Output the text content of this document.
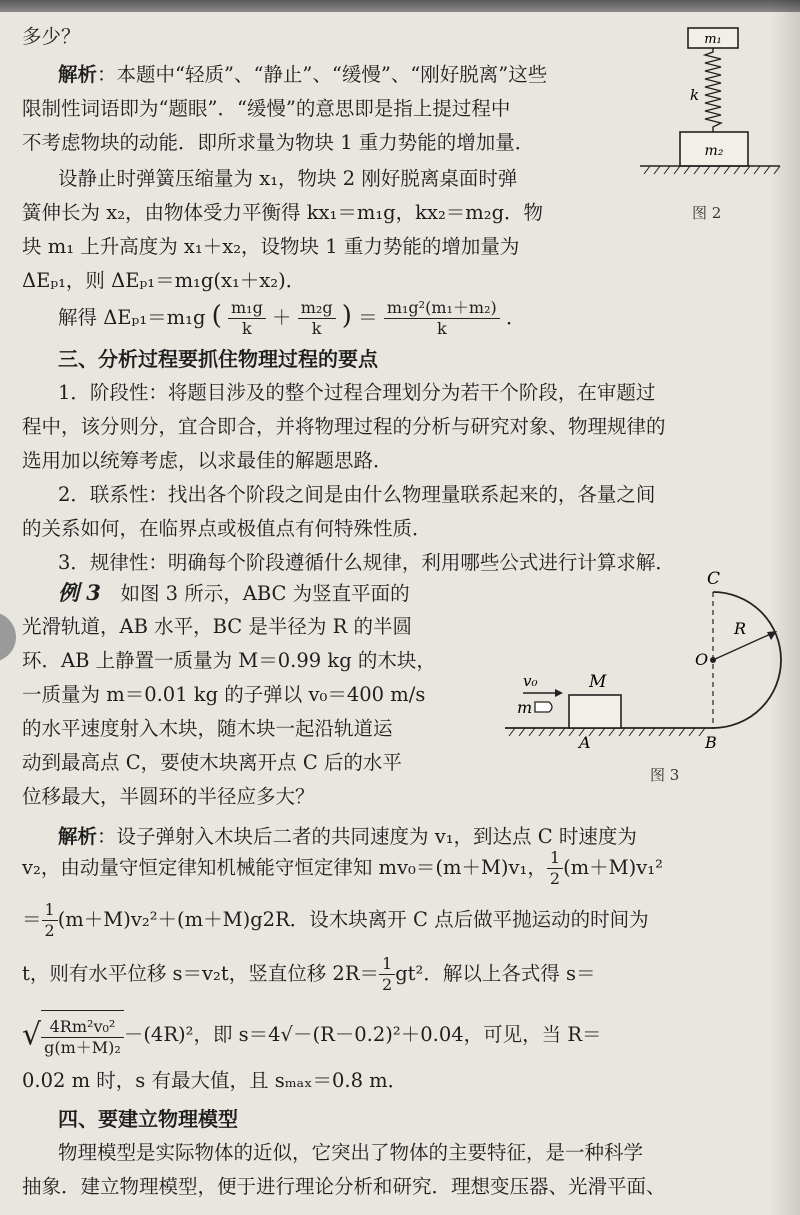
多少？
解析：本题中“轻质”、“静止”、“缓慢”、“刚好脱离”这些
限制性词语即为“题眼”．“缓慢”的意思即是指上提过程中
不考虑物块的动能．即所求量为物块 1 重力势能的增加量．
设静止时弹簧压缩量为 x₁，物块 2 刚好脱离桌面时弹
簧伸长为 x₂，由物体受力平衡得 kx₁＝m₁g，kx₂＝m₂g．物
块 m₁ 上升高度为 x₁＋x₂，设物块 1 重力势能的增加量为
ΔEₚ₁，则 ΔEₚ₁＝m₁g(x₁＋x₂)．
解得 ΔEₚ₁＝m₁g ( $\frac{\text{m₁g}}{k} + \frac{\text{m₂g}}{k}$ ) ＝ $\frac{\text{m₁g²(m₁＋m₂)}}{k}$ ．
三、分析过程要抓住物理过程的要点
1．阶段性：将题目涉及的整个过程合理划分为若干个阶段，在审题过
程中，该分则分，宜合即合，并将物理过程的分析与研究对象、物理规律的
选用加以统筹考虑，以求最佳的解题思路．
2．联系性：找出各个阶段之间是由什么物理量联系起来的，各量之间
的关系如何，在临界点或极值点有何特殊性质．
3．规律性：明确每个阶段遵循什么规律，利用哪些公式进行计算求解．
例 3　 如图 3 所示，ABC 为竖直平面的
光滑轨道，AB 水平，BC 是半径为 R 的半圆
环．AB 上静置一质量为 M＝0.99 kg 的木块，
一质量为 m＝0.01 kg 的子弹以 v₀＝400 m/s
的水平速度射入木块，随木块一起沿轨道运
动到最高点 C，要使木块离开点 C 后的水平
位移最大，半圆环的半径应多大？
解析：设子弹射入木块后二者的共同速度为 v₁，到达点 C 时速度为
v₂，由动量守恒定律知机械能守恒定律知 mv₀＝(m＋M)v₁， $\frac{1}{2} (m+M)v_1^2$
＝ $\frac{1}{2} (m+M)v_2^2+(m+M)g2R$．设木块离开 C 点后做平抛运动的时间为
t，则有水平位移 s＝v₂t，竖直位移 $2R= \frac{1}{2} gt^2$．解以上各式得 s＝
√ $\frac{\text{4Rm²v₀²}}{\text{g(m＋M)₂}} -(4R)^2$，即 s＝4√－(R－0.2)²＋0.04，可见，当 R＝
0.02 m 时，s 有最大值，且 sₘₐₓ＝0.8 m．
四、要建立物理模型
物理模型是实际物体的近似，它突出了物体的主要特征，是一种科学
抽象．建立物理模型，便于进行理论分析和研究．理想变压器、光滑平面、
m₁
k
m₂
图 2
C
O
R
M
m
v₀
A	B
图 3
